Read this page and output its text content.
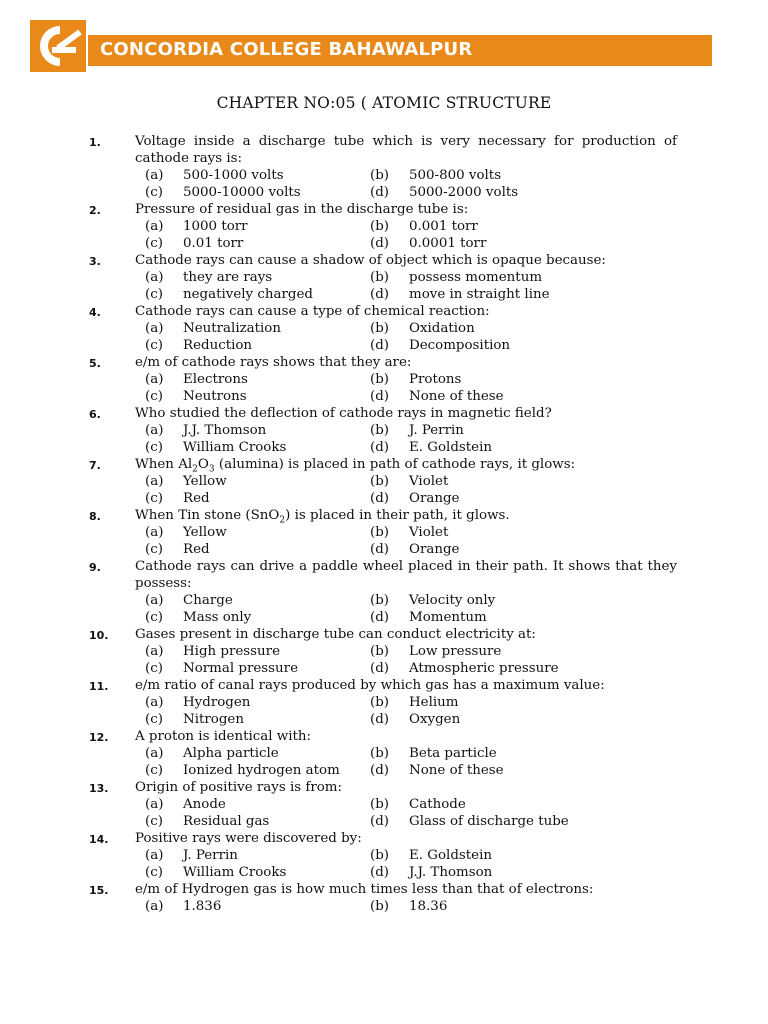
CONCORDIA COLLEGE BAHAWALPUR
CHAPTER NO:05 ( ATOMIC STRUCTURE
1.	Voltage inside a discharge tube which is very necessary for production of cathode rays is:
(a) 500-1000 volts	(b) 500-800 volts
(c) 5000-10000 volts	(d) 5000-2000 volts
2.	Pressure of residual gas in the discharge tube is:
(a) 1000 torr	(b) 0.001 torr
(c) 0.01 torr	(d) 0.0001 torr
3.	Cathode rays can cause a shadow of object which is opaque because:
(a) they are rays	(b) possess momentum
(c) negatively charged	(d) move in straight line
4.	Cathode rays can cause a type of chemical reaction:
(a) Neutralization	(b) Oxidation
(c) Reduction	(d) Decomposition
5.	e/m of cathode rays shows that they are:
(a) Electrons	(b) Protons
(c) Neutrons	(d) None of these
6.	Who studied the deflection of cathode rays in magnetic field?
(a) J.J. Thomson	(b) J. Perrin
(c) William Crooks	(d) E. Goldstein
7.	When $Al_2O_3$ (alumina) is placed in path of cathode rays, it glows:
(a) Yellow	(b) Violet
(c) Red	(d) Orange
8.	When Tin stone (SnO$_2$) is placed in their path, it glows.
(a) Yellow	(b) Violet
(c) Red	(d) Orange
9.	Cathode rays can drive a paddle wheel placed in their path. It shows that they possess:
(a) Charge	(b) Velocity only
(c) Mass only	(d) Momentum
10. Gases present in discharge tube can conduct electricity at:
(a) High pressure	(b) Low pressure
(c) Normal pressure	(d) Atmospheric pressure
11. e/m ratio of canal rays produced by which gas has a maximum value:
(a) Hydrogen	(b) Helium
(c) Nitrogen	(d) Oxygen
12. A proton is identical with:
(a) Alpha particle	(b) Beta particle
(c) Ionized hydrogen atom (d) None of these
13. Origin of positive rays is from:
(a) Anode	(b) Cathode
(c) Residual gas	(d) Glass of discharge tube
14. Positive rays were discovered by:
(a) J. Perrin	(b) E. Goldstein
(c) William Crooks	(d) J.J. Thomson
15. e/m of Hydrogen gas is how much times less than that of electrons:
(a) 1.836	(b) 18.36
